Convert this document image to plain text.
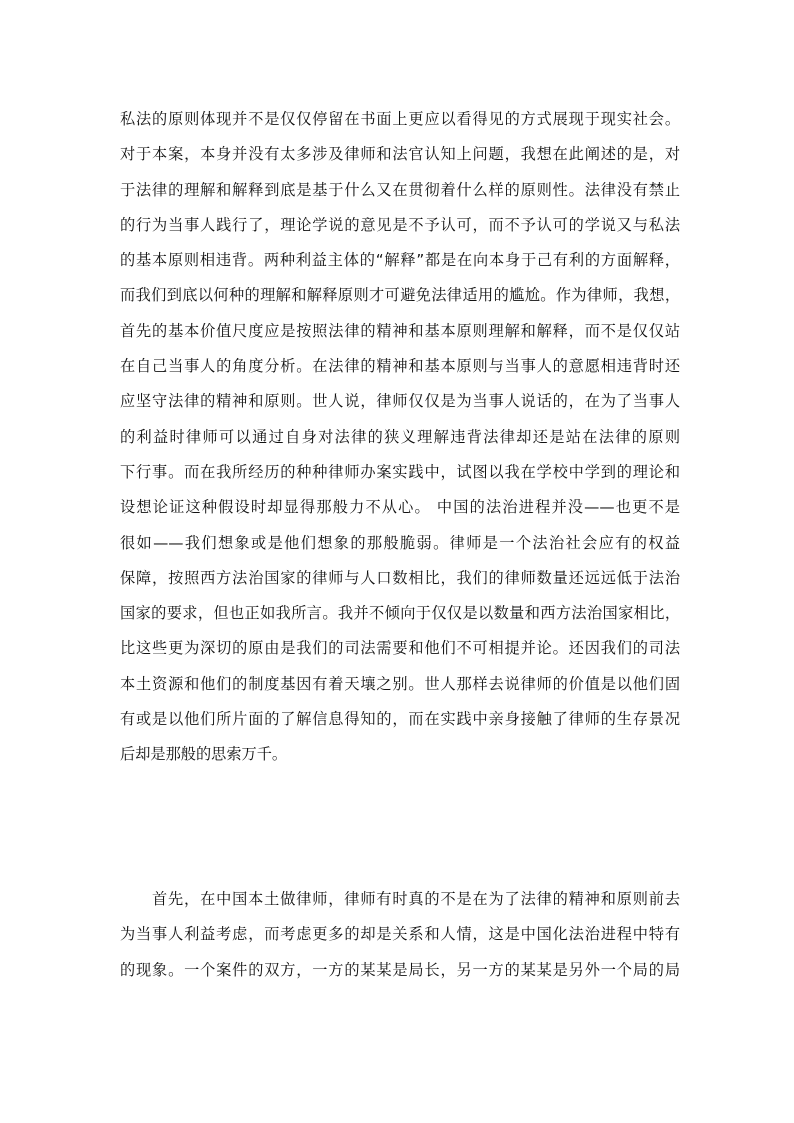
私法的原则体现并不是仅仅停留在书面上更应以看得见的方式展现于现实社会。
对于本案，本身并没有太多涉及律师和法官认知上问题，我想在此阐述的是，对
于法律的理解和解释到底是基于什么又在贯彻着什么样的原则性。法律没有禁止
的行为当事人践行了，理论学说的意见是不予认可，而不予认可的学说又与私法
的基本原则相违背。两种利益主体的“解释”都是在向本身于己有利的方面解释，
而我们到底以何种的理解和解释原则才可避免法律适用的尴尬。作为律师，我想，
首先的基本价值尺度应是按照法律的精神和基本原则理解和解释，而不是仅仅站
在自己当事人的角度分析。在法律的精神和基本原则与当事人的意愿相违背时还
应坚守法律的精神和原则。世人说，律师仅仅是为当事人说话的，在为了当事人
的利益时律师可以通过自身对法律的狭义理解违背法律却还是站在法律的原则
下行事。而在我所经历的种种律师办案实践中，试图以我在学校中学到的理论和
设想论证这种假设时却显得那般力不从心。 中国的法治进程并没——也更不是
很如——我们想象或是他们想象的那般脆弱。律师是一个法治社会应有的权益
保障，按照西方法治国家的律师与人口数相比，我们的律师数量还远远低于法治
国家的要求，但也正如我所言。我并不倾向于仅仅是以数量和西方法治国家相比，
比这些更为深切的原由是我们的司法需要和他们不可相提并论。还因我们的司法
本土资源和他们的制度基因有着天壤之别。世人那样去说律师的价值是以他们固
有或是以他们所片面的了解信息得知的，而在实践中亲身接触了律师的生存景况
后却是那般的思索万千。
首先，在中国本土做律师，律师有时真的不是在为了法律的精神和原则前去
为当事人利益考虑，而考虑更多的却是关系和人情，这是中国化法治进程中特有
的现象。一个案件的双方，一方的某某是局长，另一方的某某是另外一个局的局
